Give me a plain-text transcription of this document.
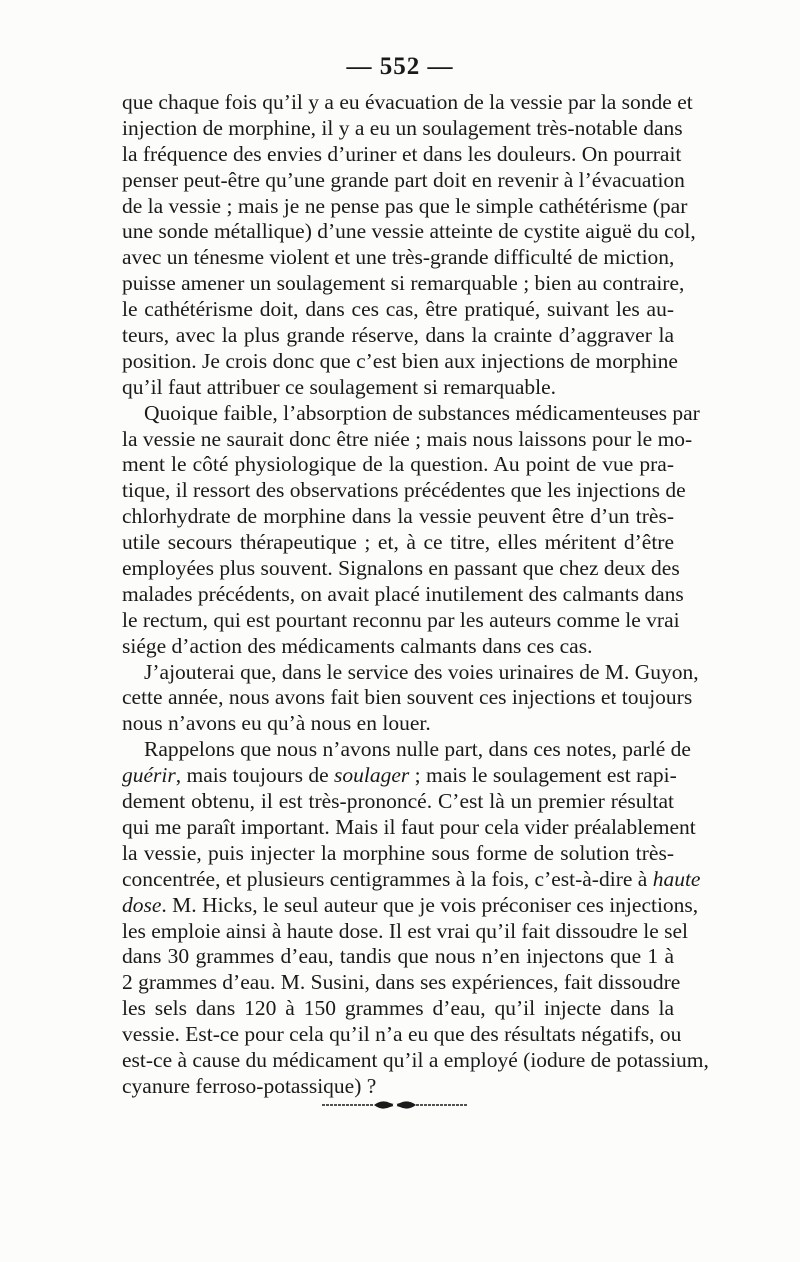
— 552 —
que chaque fois qu’il y a eu évacuation de la vessie par la sonde et
injection de morphine, il y a eu un soulagement très-notable dans
la fréquence des envies d’uriner et dans les douleurs. On pourrait
penser peut-être qu’une grande part doit en revenir à l’évacuation
de la vessie ; mais je ne pense pas que le simple cathétérisme (par
une sonde métallique) d’une vessie atteinte de cystite aiguë du col,
avec un ténesme violent et une très-grande difficulté de miction,
puisse amener un soulagement si remarquable ; bien au contraire,
le cathétérisme doit, dans ces cas, être pratiqué, suivant les au-
teurs, avec la plus grande réserve, dans la crainte d’aggraver la
position. Je crois donc que c’est bien aux injections de morphine
qu’il faut attribuer ce soulagement si remarquable.
Quoique faible, l’absorption de substances médicamenteuses par
la vessie ne saurait donc être niée ; mais nous laissons pour le mo-
ment le côté physiologique de la question. Au point de vue pra-
tique, il ressort des observations précédentes que les injections de
chlorhydrate de morphine dans la vessie peuvent être d’un très-
utile secours thérapeutique ; et, à ce titre, elles méritent d’être
employées plus souvent. Signalons en passant que chez deux des
malades précédents, on avait placé inutilement des calmants dans
le rectum, qui est pourtant reconnu par les auteurs comme le vrai
siége d’action des médicaments calmants dans ces cas.
J’ajouterai que, dans le service des voies urinaires de M. Guyon,
cette année, nous avons fait bien souvent ces injections et toujours
nous n’avons eu qu’à nous en louer.
Rappelons que nous n’avons nulle part, dans ces notes, parlé de
guérir, mais toujours de soulager ; mais le soulagement est rapi-
dement obtenu, il est très-prononcé. C’est là un premier résultat
qui me paraît important. Mais il faut pour cela vider préalablement
la vessie, puis injecter la morphine sous forme de solution très-
concentrée, et plusieurs centigrammes à la fois, c’est-à-dire à haute
dose. M. Hicks, le seul auteur que je vois préconiser ces injections,
les emploie ainsi à haute dose. Il est vrai qu’il fait dissoudre le sel
dans 30 grammes d’eau, tandis que nous n’en injectons que 1 à
2 grammes d’eau. M. Susini, dans ses expériences, fait dissoudre
les sels dans 120 à 150 grammes d’eau, qu’il injecte dans la
vessie. Est-ce pour cela qu’il n’a eu que des résultats négatifs, ou
est-ce à cause du médicament qu’il a employé (iodure de potassium,
cyanure ferroso-potassique) ?
